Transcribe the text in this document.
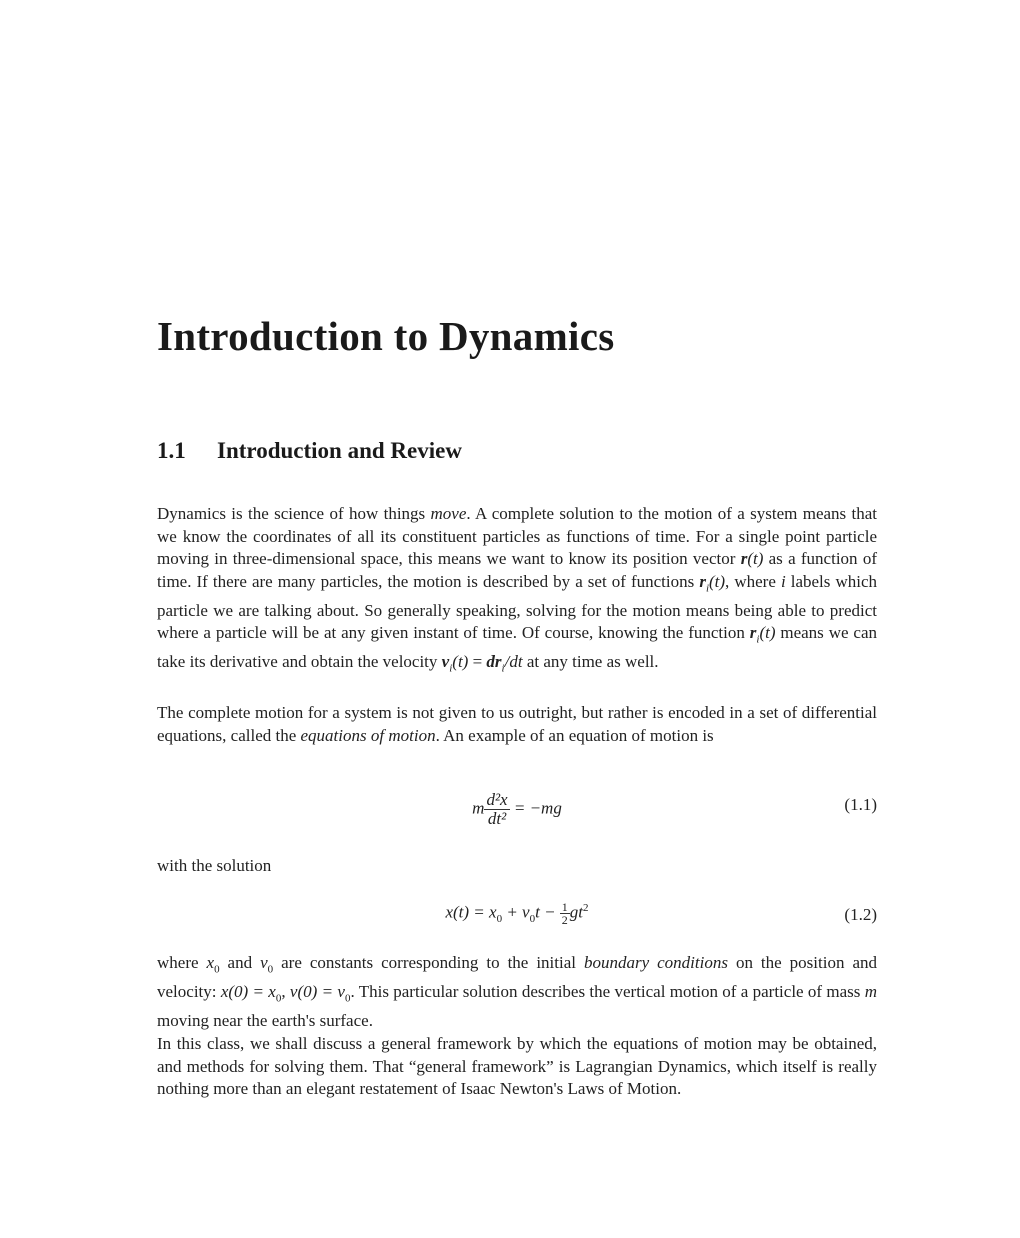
Introduction to Dynamics
1.1 Introduction and Review

Dynamics is the science of how things move. A complete solution to the motion of a system means that we know the coordinates of all its constituent particles as functions of time. For a single point particle moving in three-dimensional space, this means we want to know its position vector r(t) as a function of time. If there are many particles, the motion is described by a set of functions $r_i(t)$, where i labels which particle we are talking about. So generally speaking, solving for the motion means being able to predict where a particle will be at any given instant of time. Of course, knowing the function $r_i(t)$ means we can take its derivative and obtain the velocity $v_i(t) = dr_i/dt$ at any time as well.

The complete motion for a system is not given to us outright, but rather is encoded in a set of differential equations, called the equations of motion. An example of an equation of motion is

m $\frac{\text{d²x}}{\text{dt²}} = -mg$	(1.1)

with the solution

$x(t) = x_0 + v_0t - \frac{1}{2} gt^2$	(1.2)

where $x_0$ and $v_0$ are constants corresponding to the initial boundary conditions on the position and velocity: $x(0) = x_0$, $v(0) = v_0$. This particular solution describes the vertical motion of a particle of mass m moving near the earth's surface.

In this class, we shall discuss a general framework by which the equations of motion may be obtained, and methods for solving them. That “general framework” is Lagrangian Dynamics, which itself is really nothing more than an elegant restatement of Isaac Newton's Laws of Motion.
